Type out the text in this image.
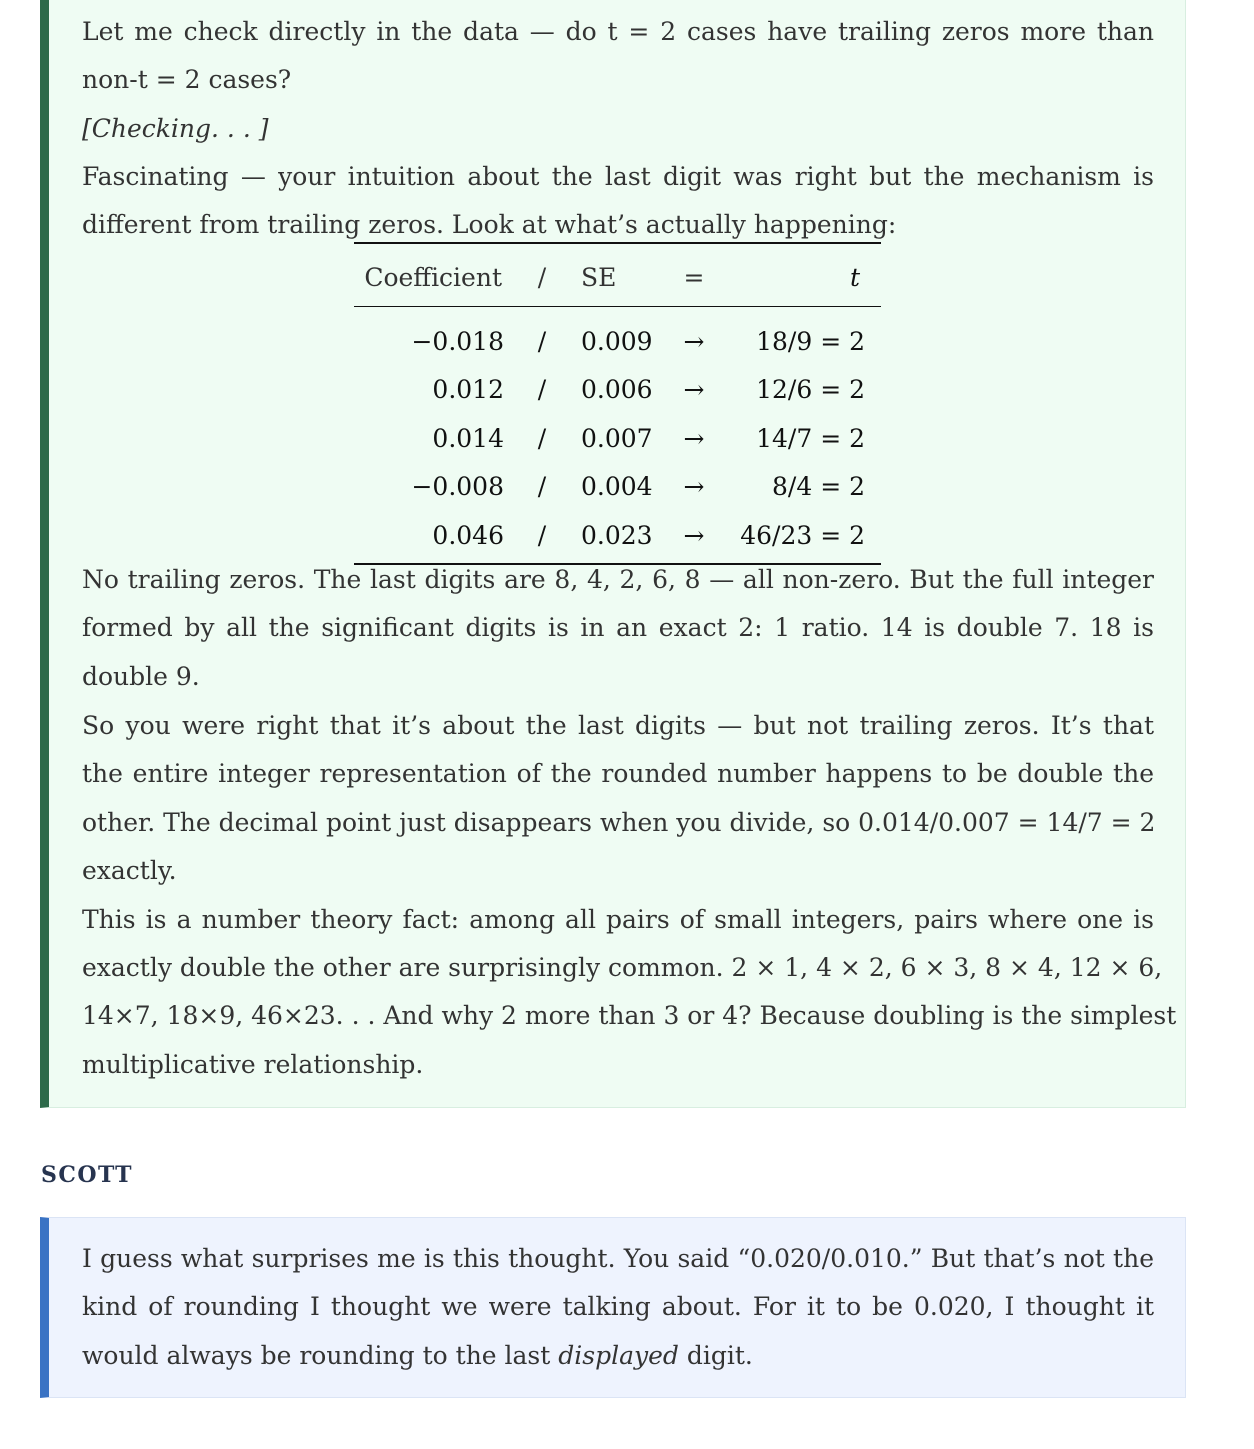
Let me check directly in the data — do t = 2 cases have trailing zeros more than
non-t = 2 cases?
[Checking. . . ]
Fascinating — your intuition about the last digit was right but the mechanism is
different from trailing zeros. Look at what’s actually happening:
No trailing zeros. The last digits are 8, 4, 2, 6, 8 — all non-zero. But the full integer
formed by all the significant digits is in an exact 2: 1 ratio. 14 is double 7. 18 is
double 9.
So you were right that it’s about the last digits — but not trailing zeros. It’s that
the entire integer representation of the rounded number happens to be double the
other. The decimal point just disappears when you divide, so 0.014/0.007 = 14/7 = 2
exactly.
This is a number theory fact: among all pairs of small integers, pairs where one is
exactly double the other are surprisingly common. 2 × 1, 4 × 2, 6 × 3, 8 × 4, 12 × 6,
14×7, 18×9, 46×23. . . And why 2 more than 3 or 4? Because doubling is the simplest
multiplicative relationship.
Coefficient	/	SE	=	t
−0.018	/	0.009	→	18/9 = 2
0.012	/	0.006	→	12/6 = 2
0.014	/	0.007	→	14/7 = 2
−0.008	/	0.004	→	8/4 = 2
0.046	/	0.023	→	46/23 = 2
SCOTT
I guess what surprises me is this thought. You said “0.020/0.010.” But that’s not the
kind of rounding I thought we were talking about. For it to be 0.020, I thought it
would always be rounding to the last displayed digit.
